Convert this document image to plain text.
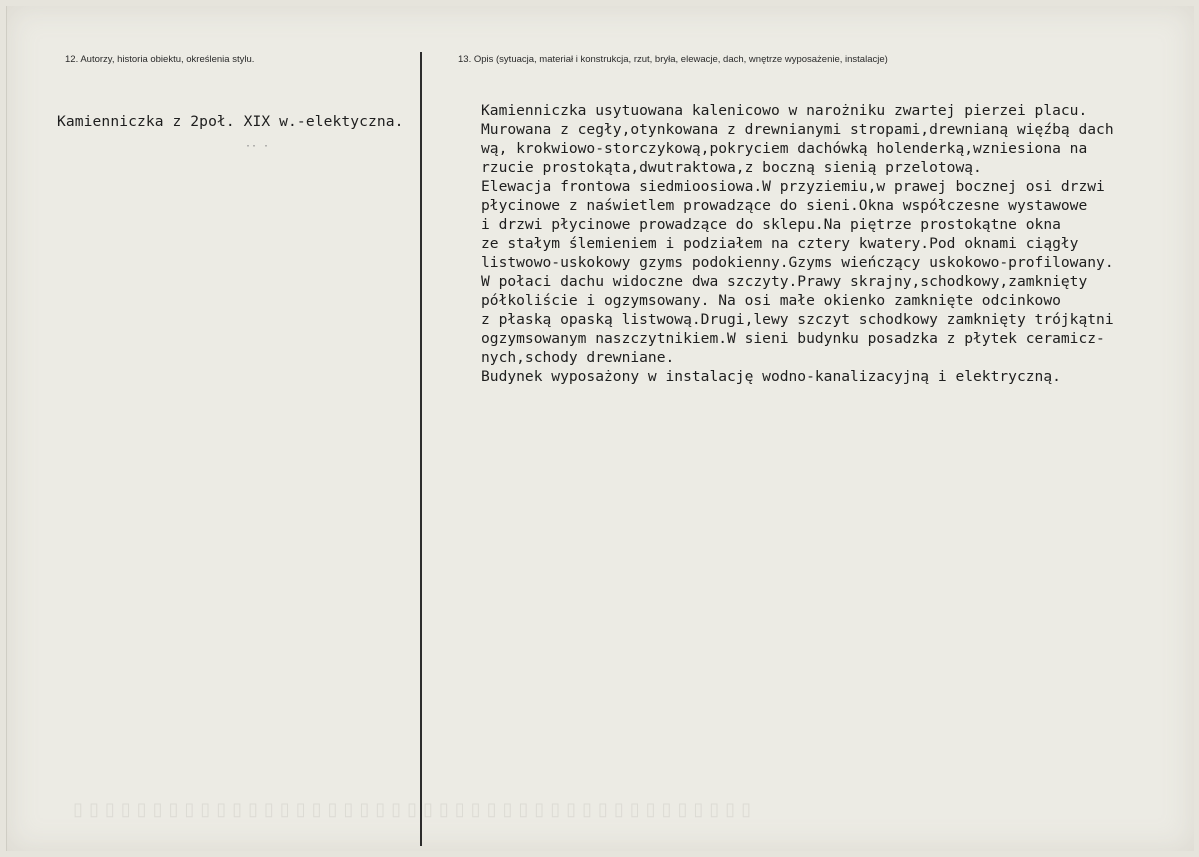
12. Autorzy, historia obiektu, określenia stylu.	13. Opis (sytuacja, materiał i konstrukcja, rzut, bryła, elewacje, dach, wnętrze wyposażenie, instalacje)
Kamienniczka z 2poł. XIX w.-elektyczna.
·· ·
Kamienniczka usytuowana kalenicowo w narożniku zwartej pierzei placu.
Murowana z cegły,otynkowana z drewnianymi stropami,drewnianą więźbą dach
wą, krokwiowo-storczykową,pokryciem dachówką holenderką,wzniesiona na
rzucie prostokąta,dwutraktowa,z boczną sienią przelotową.
Elewacja frontowa siedmioosiowa.W przyziemiu,w prawej bocznej osi drzwi
płycinowe z naświetlem prowadzące do sieni.Okna współczesne wystawowe
i drzwi płycinowe prowadzące do sklepu.Na piętrze prostokątne okna
ze stałym ślemieniem i podziałem na cztery kwatery.Pod oknami ciągły
listwowo-uskokowy gzyms podokienny.Gzyms wieńczący uskokowo-profilowany.
W połaci dachu widoczne dwa szczyty.Prawy skrajny,schodkowy,zamknięty
półkoliście i ogzymsowany. Na osi małe okienko zamknięte odcinkowo
z płaską opaską listwową.Drugi,lewy szczyt schodkowy zamknięty trójkątni
ogzymsowanym naszczytnikiem.W sieni budynku posadzka z płytek ceramicz-
nych,schody drewniane.
Budynek wyposażony w instalację wodno-kanalizacyjną i elektryczną.
▯▯▯▯▯▯▯▯▯▯▯▯▯▯▯▯▯▯▯▯▯▯▯▯▯▯▯▯▯▯▯▯▯▯▯▯▯▯▯▯▯▯▯
